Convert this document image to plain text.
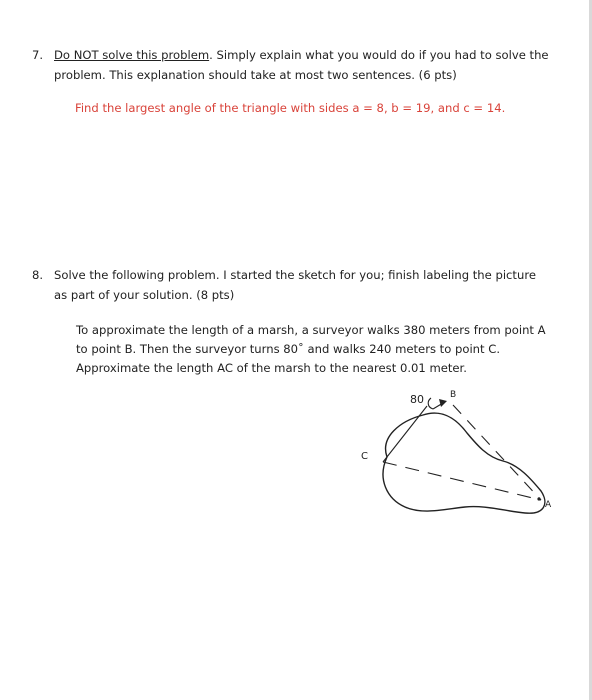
7. Do NOT solve this problem. Simply explain what you would do if you had to solve the
problem. This explanation should take at most two sentences. (6 pts)
Find the largest angle of the triangle with sides a = 8, b = 19, and c = 14.
8. Solve the following problem. I started the sketch for you; finish labeling the picture
as part of your solution. (8 pts)
To approximate the length of a marsh, a surveyor walks 380 meters from point A
to point B. Then the surveyor turns 80˚ and walks 240 meters to point C.
Approximate the length AC of the marsh to the nearest 0.01 meter.
80	B
C
A
